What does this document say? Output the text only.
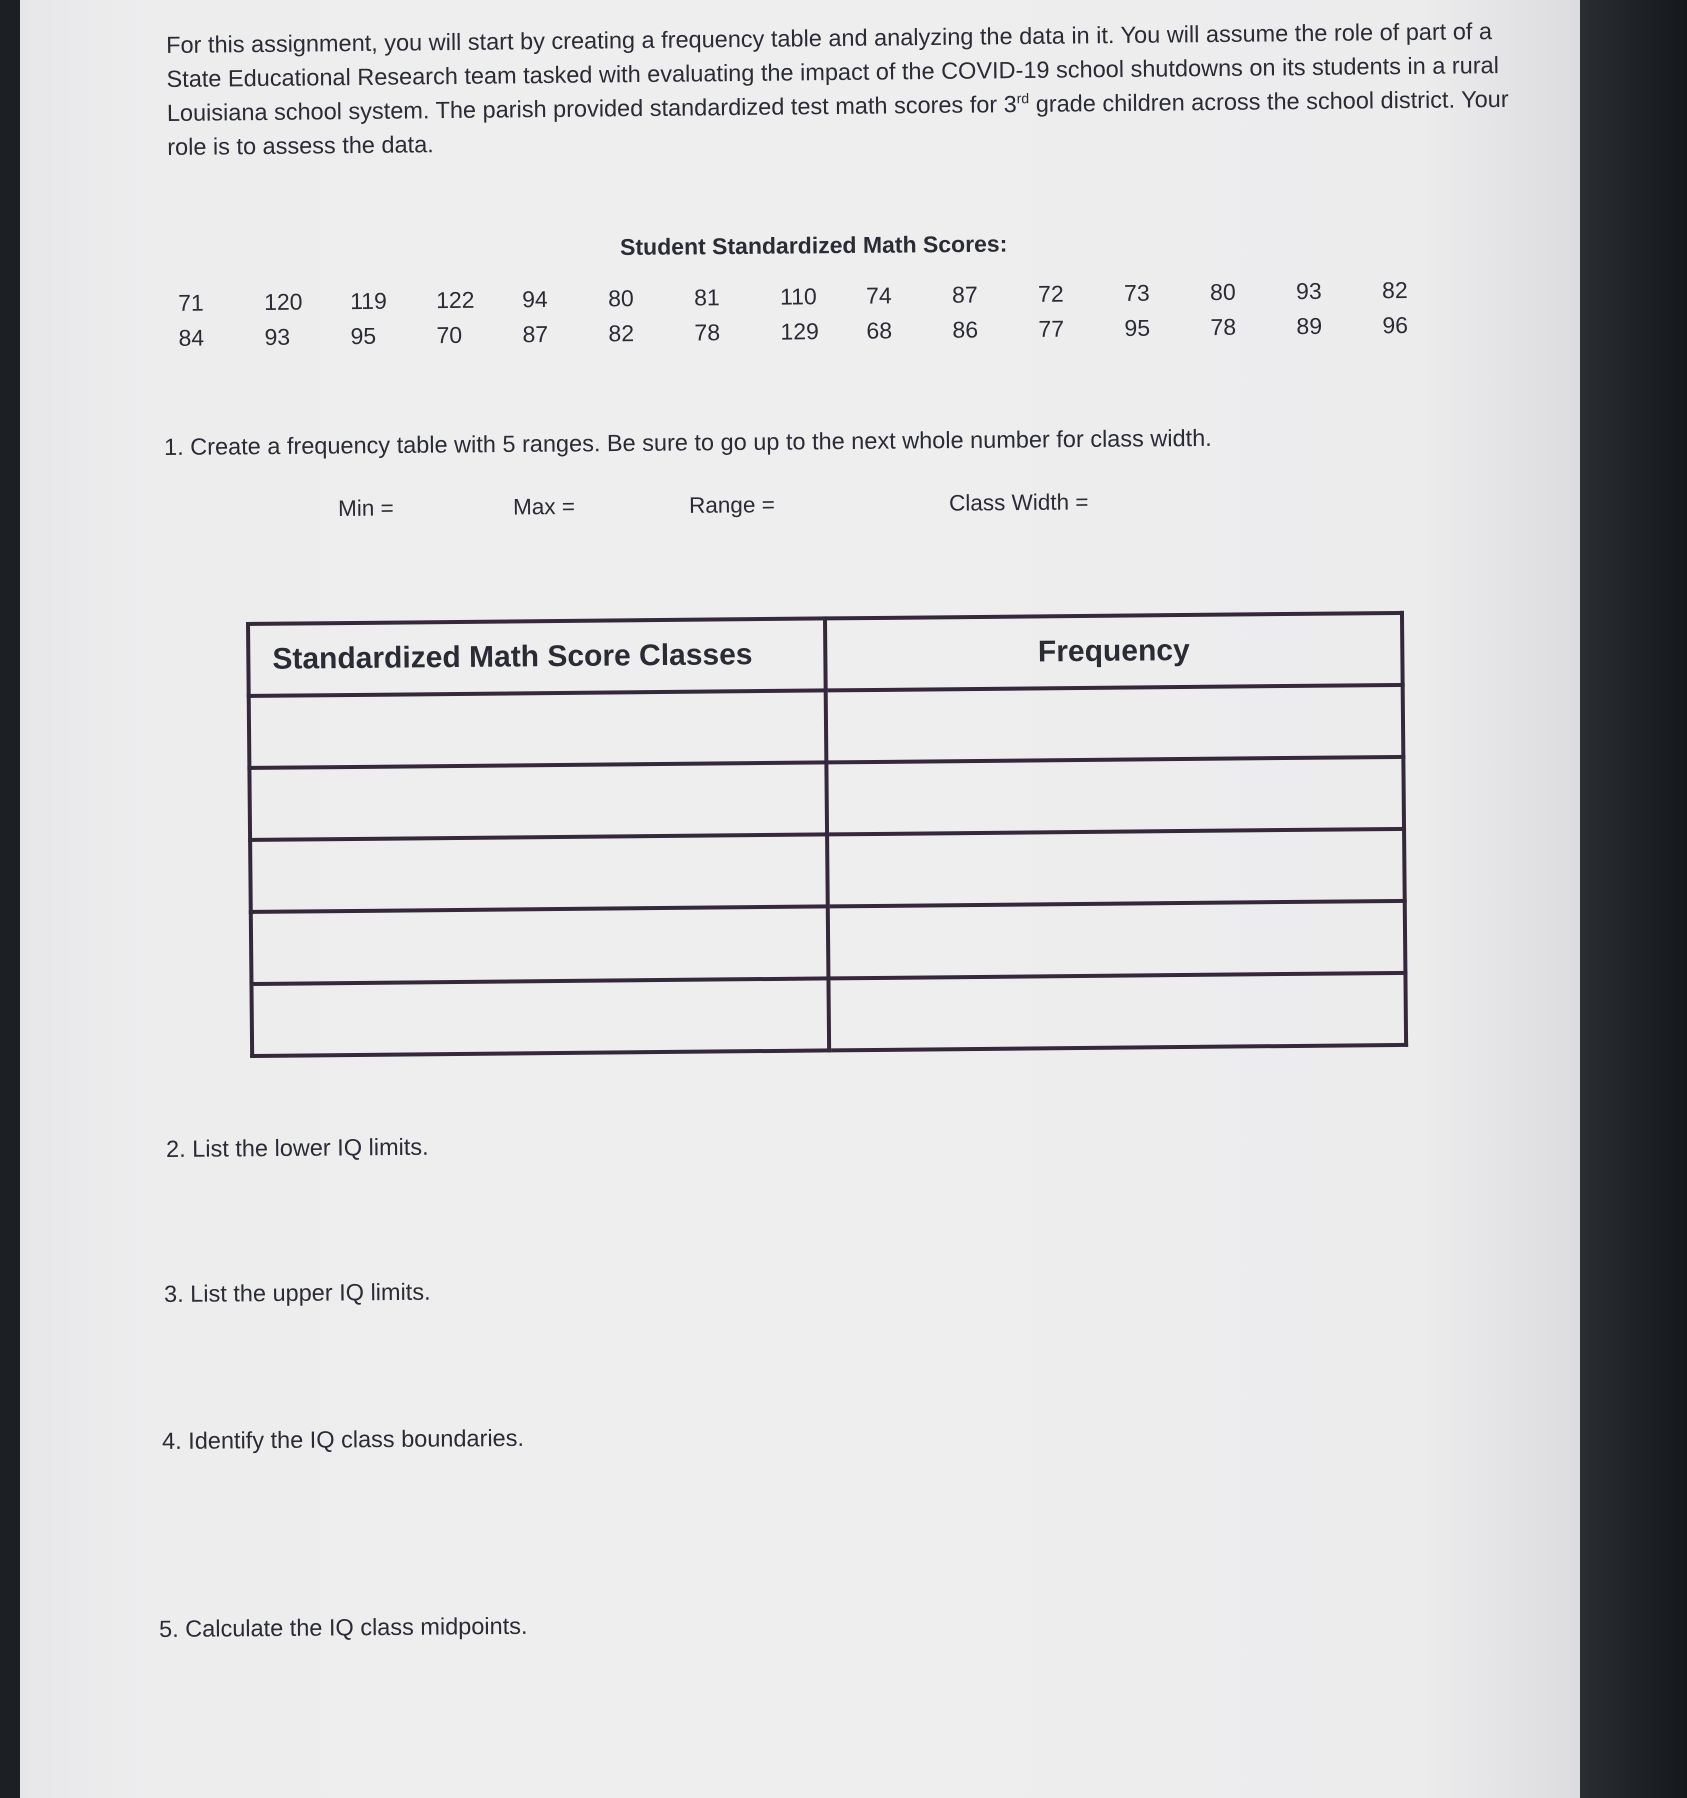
For this assignment, you will start by creating a frequency table and analyzing the data in it. You will assume the role of part of a State Educational Research team tasked with evaluating the impact of the COVID-19 school shutdowns on its students in a rural Louisiana school system. The parish provided standardized test math scores for 3rd grade children across the school district. Your role is to assess the data.

Student Standardized Math Scores:
71	120	119	122	94	80	81	110	74	87	72	73	80	93	82
84	93	95	70	87	82	78	129	68	86	77	95	78	89	96
1. Create a frequency table with 5 ranges. Be sure to go up to the next whole number for class width.
Min =	Max =	Range =	Class Width =
Standardized Math Score Classes	Frequency

2. List the lower IQ limits.
3. List the upper IQ limits.
4. Identify the IQ class boundaries.
5. Calculate the IQ class midpoints.
